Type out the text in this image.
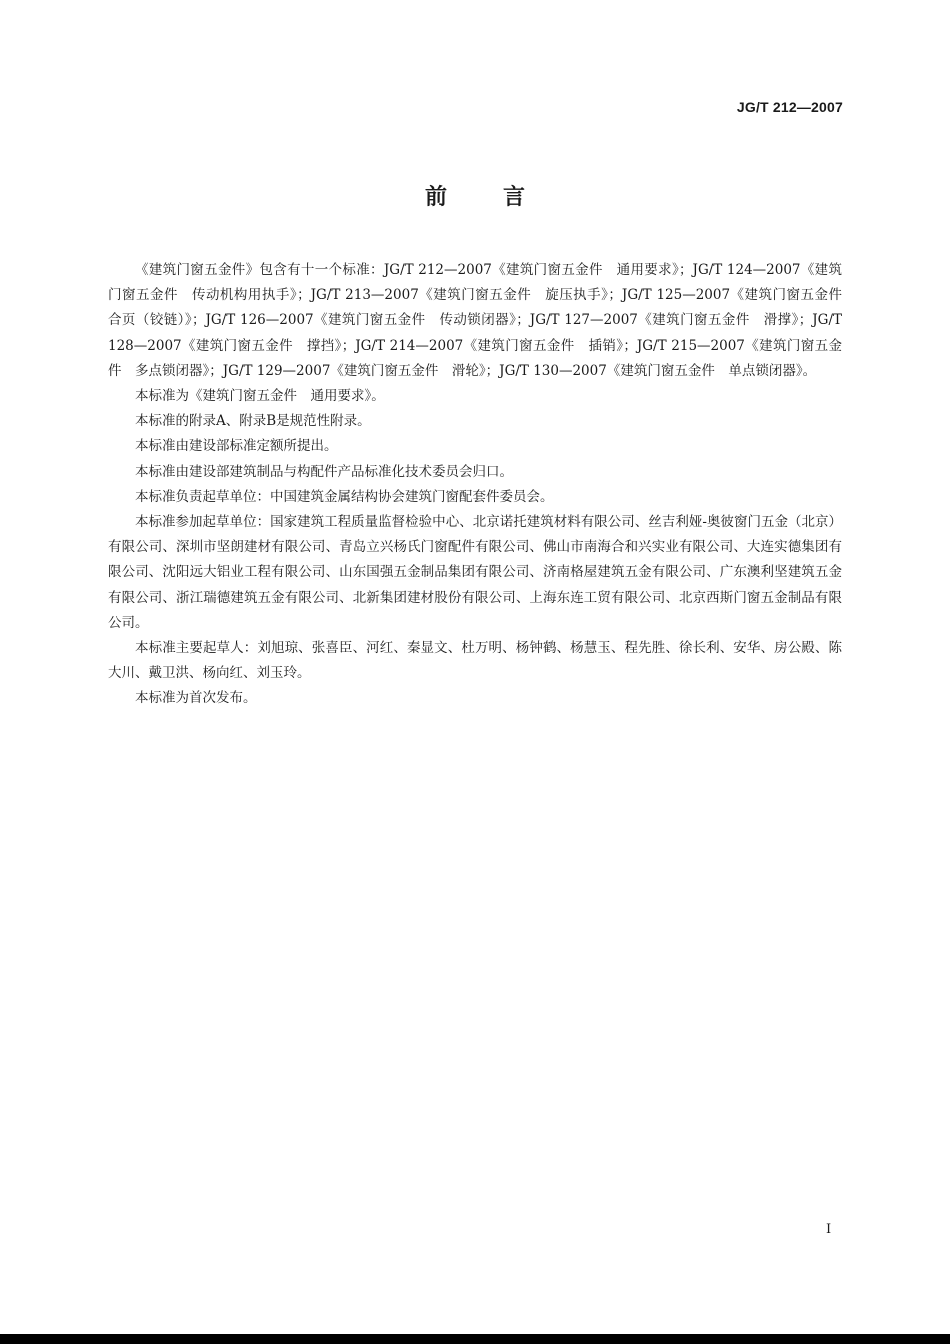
JG/T 212—2007
前言

《建筑门窗五金件》包含有十一个标准：JG/T 212—2007《建筑门窗五金件　通用要求》；JG/T 124—2007《建筑门窗五金件　传动机构用执手》；JG/T 213—2007《建筑门窗五金件　旋压执手》；JG/T 125—2007《建筑门窗五金件　合页（铰链）》；JG/T 126—2007《建筑门窗五金件　传动锁闭器》；JG/T 127—2007《建筑门窗五金件　滑撑》；JG/T 128—2007《建筑门窗五金件　撑挡》；JG/T 214—2007《建筑门窗五金件　插销》；JG/T 215—2007《建筑门窗五金件　多点锁闭器》；JG/T 129—2007《建筑门窗五金件　滑轮》；JG/T 130—2007《建筑门窗五金件　单点锁闭器》。

本标准为《建筑门窗五金件　通用要求》。

本标准的附录A、附录B是规范性附录。

本标准由建设部标准定额所提出。

本标准由建设部建筑制品与构配件产品标准化技术委员会归口。

本标准负责起草单位：中国建筑金属结构协会建筑门窗配套件委员会。

本标准参加起草单位：国家建筑工程质量监督检验中心、北京诺托建筑材料有限公司、丝吉利娅-奥彼窗门五金（北京）有限公司、深圳市坚朗建材有限公司、青岛立兴杨氏门窗配件有限公司、佛山市南海合和兴实业有限公司、大连实德集团有限公司、沈阳远大铝业工程有限公司、山东国强五金制品集团有限公司、济南格屋建筑五金有限公司、广东澳利坚建筑五金有限公司、浙江瑞德建筑五金有限公司、北新集团建材股份有限公司、上海东连工贸有限公司、北京西斯门窗五金制品有限公司。

本标准主要起草人：刘旭琼、张喜臣、河红、秦显文、杜万明、杨钟鹤、杨慧玉、程先胜、徐长利、安华、房公殿、陈大川、戴卫洪、杨向红、刘玉玲。

本标准为首次发布。

I
